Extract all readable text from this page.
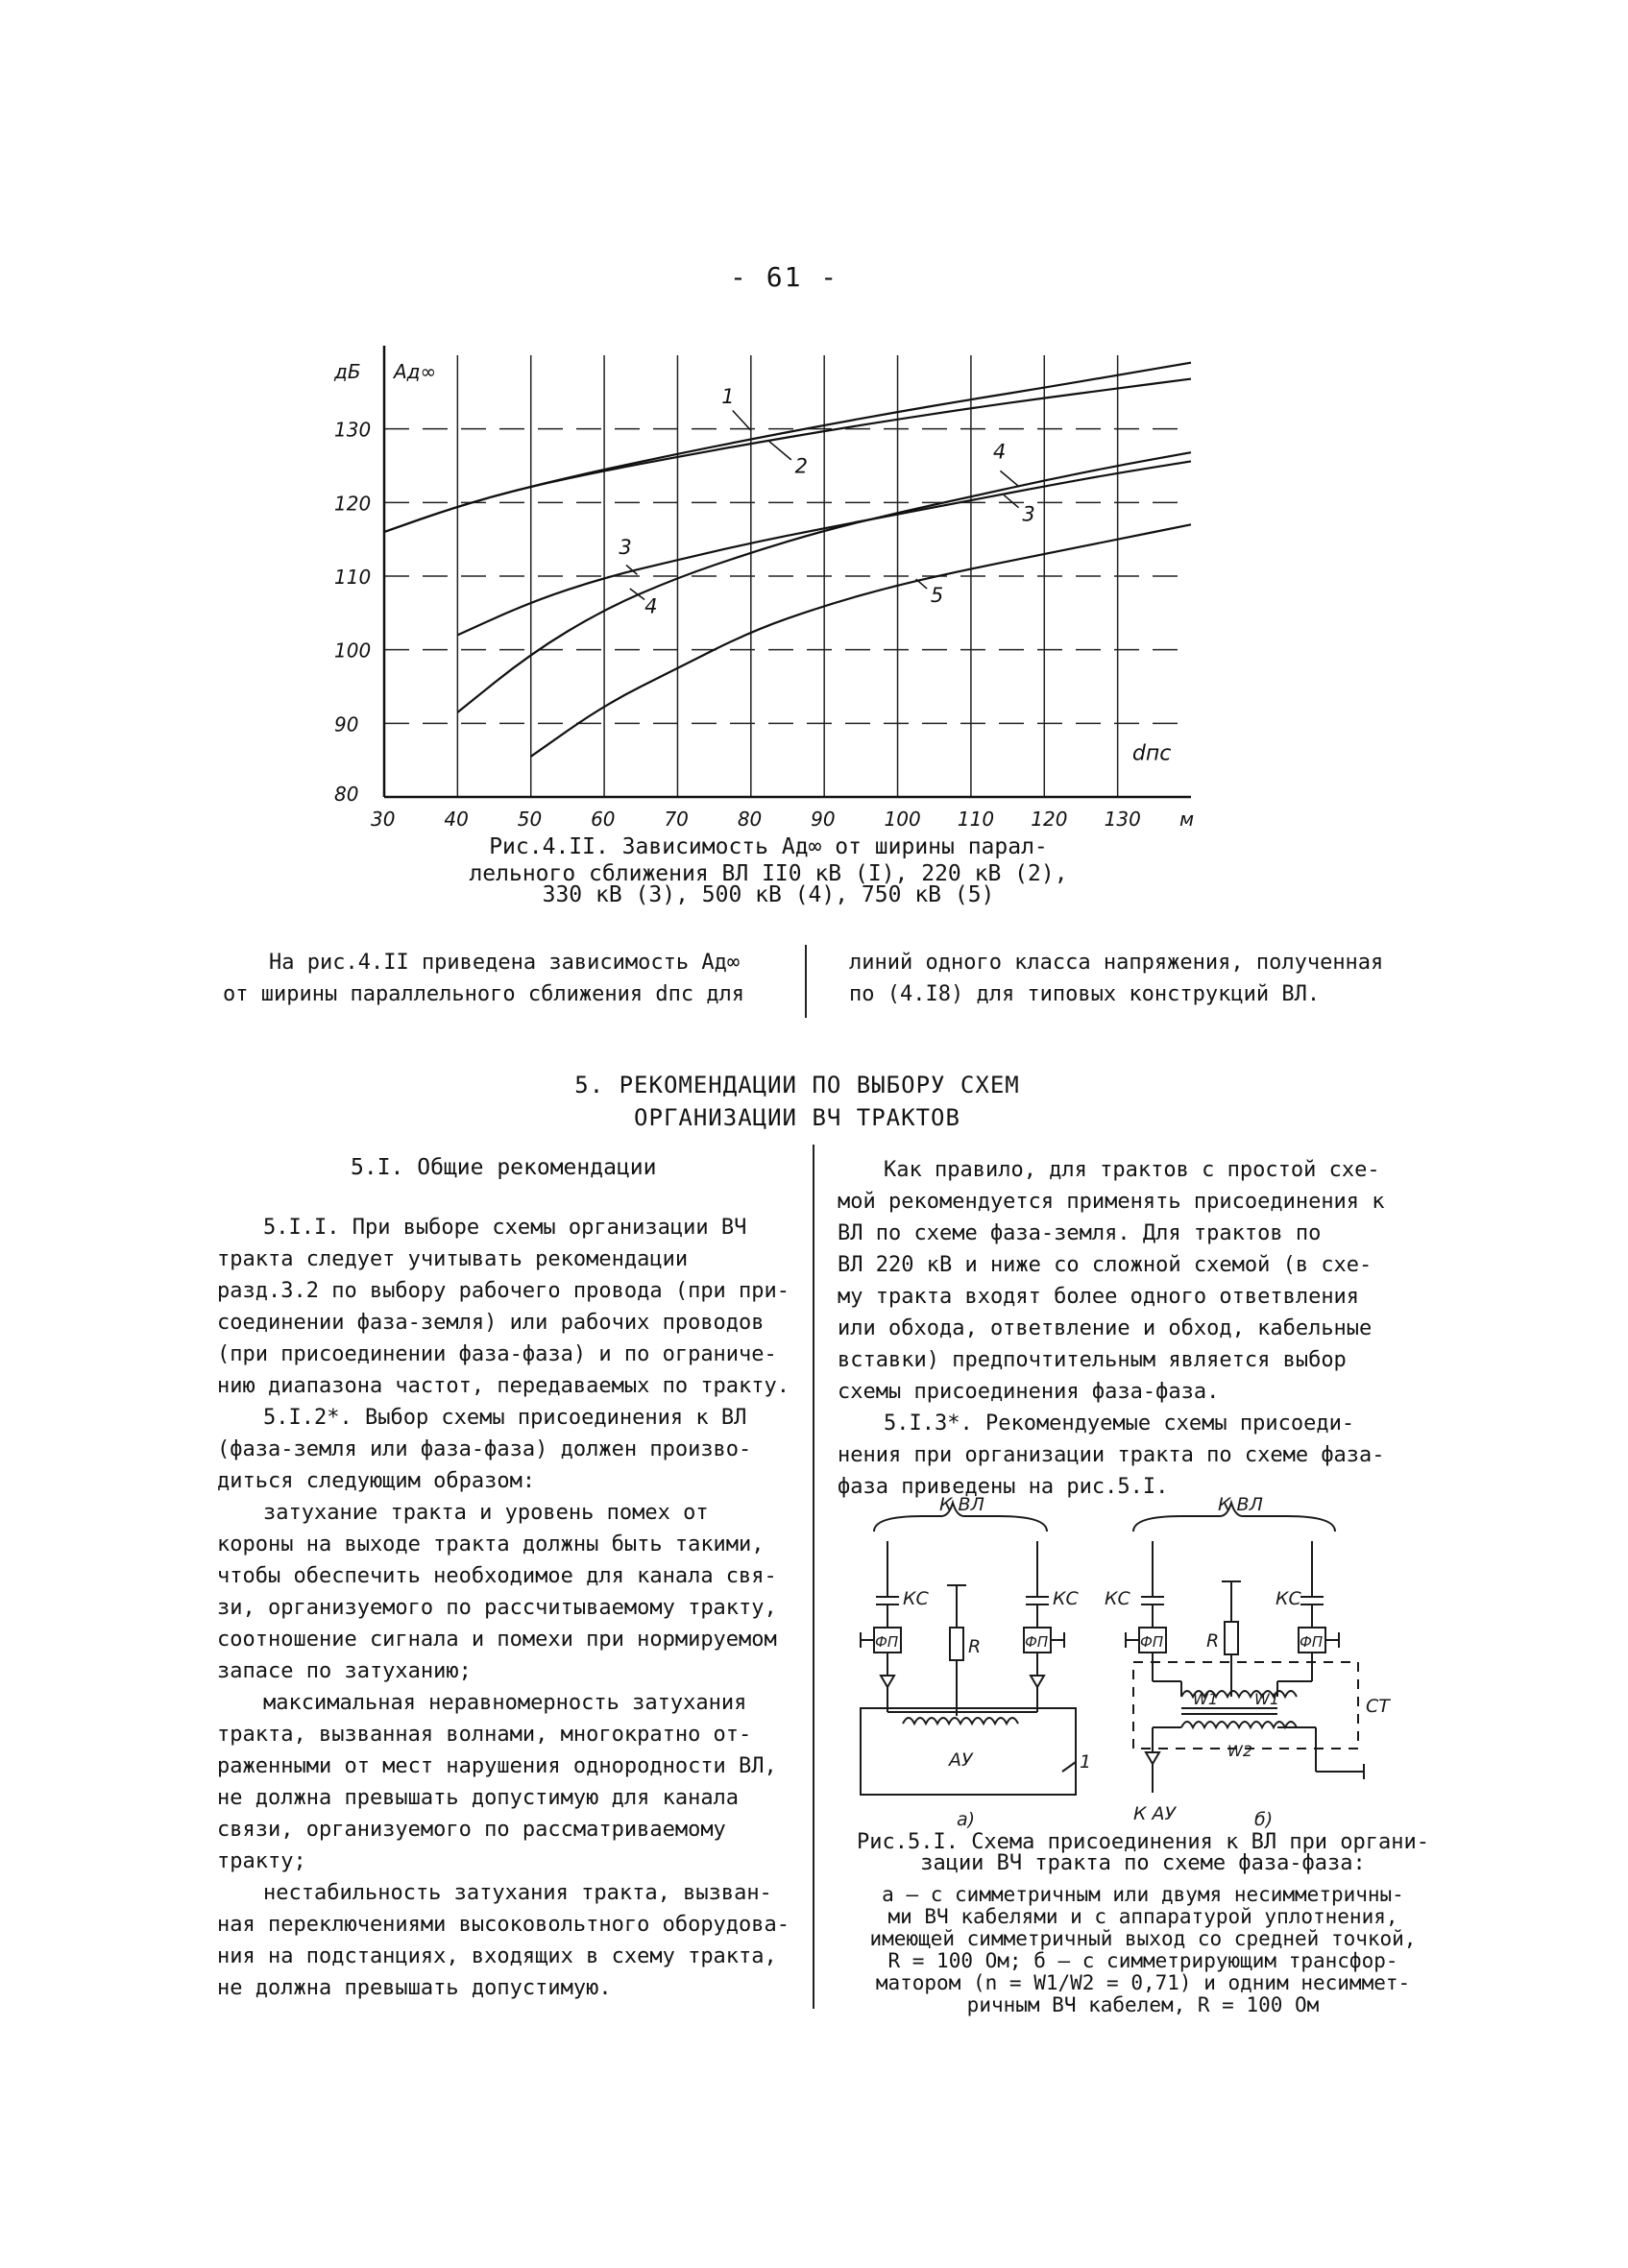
- 61 -
30	40	50	60	70	80	90	100 110 120 130 м
80
90
100
110
120
130
дБ Aд∞
dпс
1
2
3
4
3
4	5
Рис.4.II. Зависимость Aд∞ от ширины парал-
лельного сближения ВЛ II0 кВ (I), 220 кВ (2),
330 кВ (3), 500 кВ (4), 750 кВ (5)

На рис.4.II приведена зависимость Aд∞

от ширины параллельного сближения dпс для

линий одного класса напряжения, полученная

по (4.I8) для типовых конструкций ВЛ.

5. РЕКОМЕНДАЦИИ ПО ВЫБОРУ СХЕМ
ОРГАНИЗАЦИИ ВЧ ТРАКТОВ
5.I. Общие рекомендации

5.I.I. При выборе схемы организации ВЧ

тракта следует учитывать рекомендации

разд.3.2 по выбору рабочего провода (при при-

соединении фаза-земля) или рабочих проводов

(при присоединении фаза-фаза) и по ограниче-

нию диапазона частот, передаваемых по тракту.

5.I.2*. Выбор схемы присоединения к ВЛ

(фаза-земля или фаза-фаза) должен произво-

диться следующим образом:

затухание тракта и уровень помех от

короны на выходе тракта должны быть такими,

чтобы обеспечить необходимое для канала свя-

зи, организуемого по рассчитываемому тракту,

соотношение сигнала и помехи при нормируемом

запасе по затуханию;

максимальная неравномерность затухания

тракта, вызванная волнами, многократно от-

раженными от мест нарушения однородности ВЛ,

не должна превышать допустимую для канала

связи, организуемого по рассматриваемому

тракту;

нестабильность затухания тракта, вызван-

ная переключениями высоковольтного оборудова-

ния на подстанциях, входящих в схему тракта,

не должна превышать допустимую.

Как правило, для трактов с простой схе-

мой рекомендуется применять присоединения к

ВЛ по схеме фаза-земля. Для трактов по

ВЛ 220 кВ и ниже со сложной схемой (в схе-

му тракта входят более одного ответвления

или обхода, ответвление и обход, кабельные

вставки) предпочтительным является выбор

схемы присоединения фаза-фаза.

5.I.3*. Рекомендуемые схемы присоеди-

нения при организации тракта по схеме фаза-

фаза приведены на рис.5.I.

К ВЛ	К ВЛ
КС	КС КС	КС
ФП	ФП	ФП	ФП
R	R
АУ	1
W1 W1
W2
СТ
К АУ
а)	б)
Рис.5.I. Схема присоединения к ВЛ при органи-
зации ВЧ тракта по схеме фаза-фаза:
а – с симметричным или двумя несимметричны-
ми ВЧ кабелями и с аппаратурой уплотнения,
имеющей симметричный выход со средней точкой,
R = 100 Ом; б – с симметрирующим трансфор-
матором (n = W1/W2 = 0,71) и одним несиммет-
ричным ВЧ кабелем, R = 100 Ом
